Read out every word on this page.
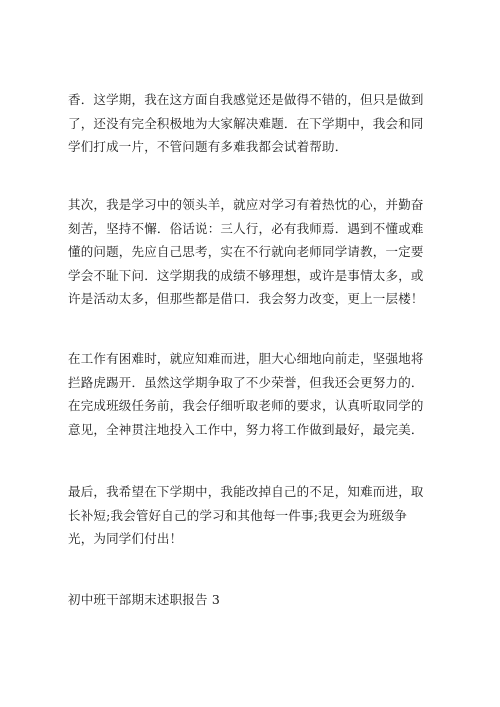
香．这学期，我在这方面自我感觉还是做得不错的，但只是做到
了，还没有完全积极地为大家解决难题．在下学期中，我会和同
学们打成一片，不管问题有多难我都会试着帮助．

其次，我是学习中的领头羊，就应对学习有着热忱的心，并勤奋
刻苦，坚持不懈．俗话说：三人行，必有我师焉．遇到不懂或难
懂的问题，先应自己思考，实在不行就向老师同学请教，一定要
学会不耻下问．这学期我的成绩不够理想，或许是事情太多，或
许是活动太多，但那些都是借口．我会努力改变，更上一层楼！

在工作有困难时，就应知难而进，胆大心细地向前走，坚强地将
拦路虎踢开．虽然这学期争取了不少荣誉，但我还会更努力的．
在完成班级任务前，我会仔细听取老师的要求，认真听取同学的
意见，全神贯注地投入工作中，努力将工作做到最好，最完美．

最后，我希望在下学期中，我能改掉自己的不足，知难而进，取
长补短;我会管好自己的学习和其他每一件事;我更会为班级争
光，为同学们付出！

初中班干部期末述职报告 3
